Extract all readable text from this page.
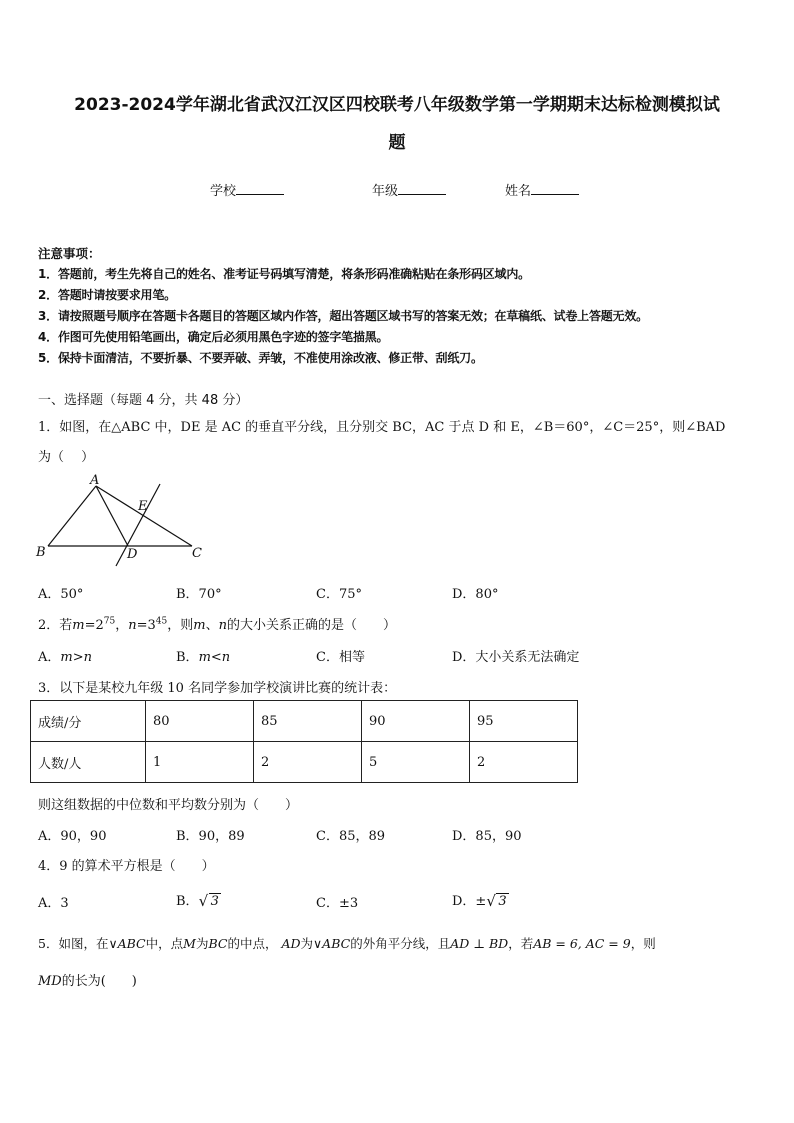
2023-2024学年湖北省武汉江汉区四校联考八年级数学第一学期期末达标检测模拟试
题
学校	年级	姓名
注意事项：
1．答题前，考生先将自己的姓名、准考证号码填写清楚，将条形码准确粘贴在条形码区域内。
2．答题时请按要求用笔。
3．请按照题号顺序在答题卡各题目的答题区域内作答，超出答题区域书写的答案无效；在草稿纸、试卷上答题无效。
4．作图可先使用铅笔画出，确定后必须用黑色字迹的签字笔描黑。
5．保持卡面清洁，不要折暴、不要弄破、弄皱，不准使用涂改液、修正带、刮纸刀。
一、选择题（每题 4 分，共 48 分）
1．如图，在△ABC 中，DE 是 AC 的垂直平分线，且分别交 BC，AC 于点 D 和 E，∠B＝60°，∠C＝25°，则∠BAD
为（　 ）
A
B	C
D
E
A．50°	B．70°	C．75°	D．80°
2．若$m=2^{75}$，$n=3^{45}$，则m、n的大小关系正确的是（　　）
A．m>n	B．m<n	C．相等	D．大小关系无法确定
3．以下是某校九年级 10 名同学参加学校演讲比赛的统计表：
成绩/分	80	85	90	95
人数/人	1	2	5	2
则这组数据的中位数和平均数分别为（　　）
A．90，90	B．90，89	C．85，89	D．85，90
4．9 的算术平方根是（　　）
A．3	B． √ 3	C．±3	D．± √ 3
5．如图，在∨ABC中，点M为BC的中点， AD为∨ABC的外角平分线，且AD ⊥ BD，若AB = 6, AC = 9，则
MD的长为(　　)
